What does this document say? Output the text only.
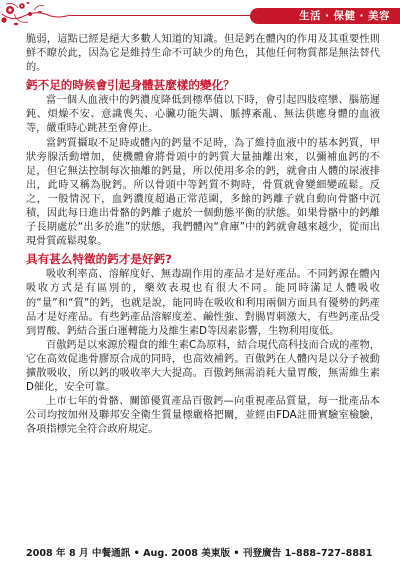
生活 ‧ 保健 ‧ 美容

脆弱，這點已經是絕大多數人知道的知識。但是鈣在體內的作用及其重要性則鮮不瞭於此，因為它是維持生命不可缺少的角色，其他任何物質都是無法替代的。

鈣不足的時候會引起身體甚麼樣的變化？

當一個人血液中的鈣濃度降低到標準值以下時，會引起四肢痙攣、腦筋遲鈍、煩燥不安、意識喪失、心臟功能失調、脈搏紊亂、無法供應身體的血液等，嚴重時心跳甚至會停止。

當鈣質攝取不足時或體內的鈣量不足時，為了維持血液中的基本鈣質，甲狀旁腺活動增加，使機體會將骨頭中的鈣質大量抽離出來，以彌補血鈣的不足，但它無法控制每次抽離的鈣量，所以使用多余的鈣，就會由人體的尿液排出，此時又稱為脫鈣。所以骨頭中等鈣質不夠時，骨質就會變細變疏鬆。反之，一般情況下，血鈣濃度超過正常范圍，多餘的鈣離子就自動向骨骼中沉積，因此每日進出骨骼的鈣離子處於一個動態平衡的狀態。如果骨骼中的鈣離子長期處於“出多於進”的狀態，我們體內“倉庫”中的鈣就會越來越少，從而出現骨質疏鬆現象。

具有甚么特徵的鈣才是好鈣?

吸收利率高、溶解度好、無毒副作用的產品才是好產品。不同鈣源在體內吸收方式是有區別的，藥效表現也有很大不同。能同時滿足人體吸收的“量”和“質”的鈣，也就是說，能同時在吸收和利用兩個方面具有優勢的鈣產品才是好產品。有些鈣產品溶解度差、鹼性強、對腸胃刺激大，有些鈣產品受到胃酸、鈣結合蛋白運轉能力及維生素D等因素影響，生物利用度低。

百傲鈣是以來源於糧食的維生素C為原料，結合現代高科技而合成的產物，它在高效促進骨膠原合成的同時，也高效補鈣。百傲鈣在人體內是以分子被動擴散吸收，所以鈣的吸收率大大提高。百傲鈣無需消耗大量胃酸，無需維生素D催化，安全可靠。

上市七年的骨骼、關節優質產品百傲鈣—向重視產品質量，每一批產品本公司均按加州及聯邦安全衛生質量標嚴格把關，並經由FDA註冊實驗室檢驗，各項指標完全符合政府規定。

2008 年 8 月 中餐通訊 • Aug. 2008 美東版 • 刊登廣告 1–888–727–8881
